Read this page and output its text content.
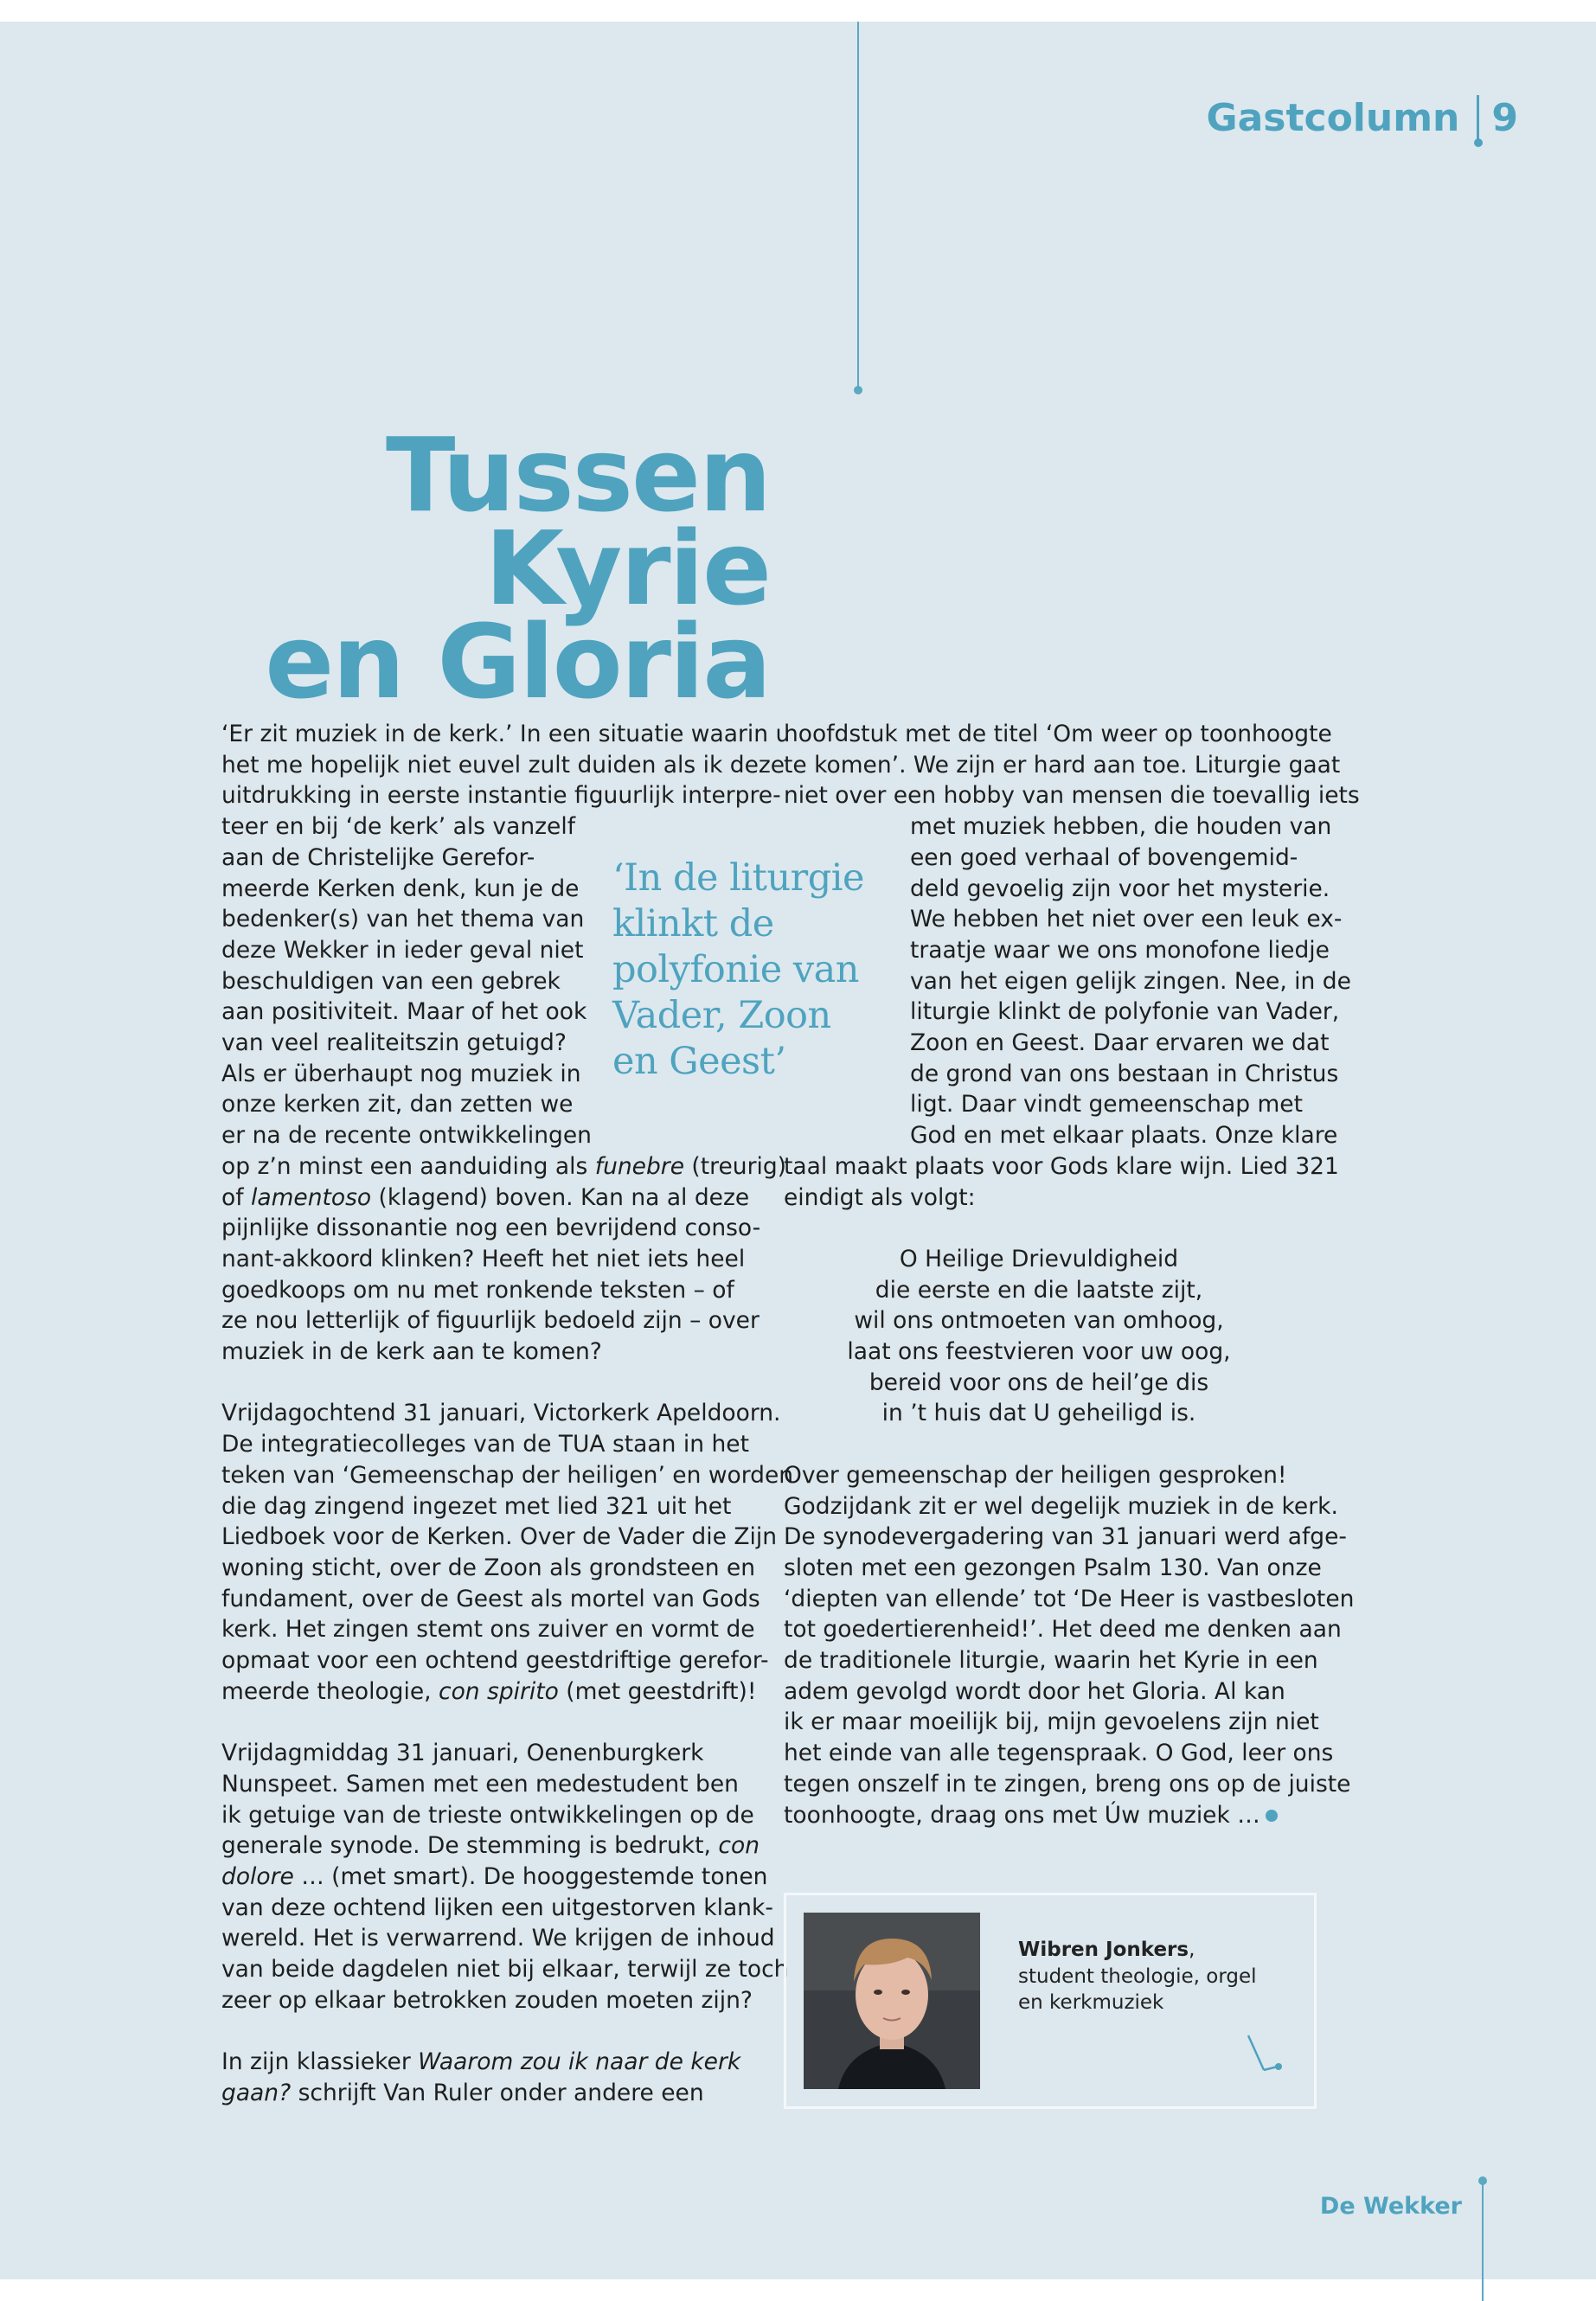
Gastcolumn 9
Tussen Kyrie
en Gloria

‘Er zit muziek in de kerk.’ In een situatie waarin u
het me hopelijk niet euvel zult duiden als ik deze
uitdrukking in eerste instantie figuurlijk interpre-
teer en bij ‘de kerk’ als vanzelf
aan de Christelijke Gerefor-
meerde Kerken denk, kun je de
bedenker(s) van het thema van
deze Wekker in ieder geval niet
beschuldigen van een gebrek
aan positiviteit. Maar of het ook
van veel realiteitszin getuigd?
Als er überhaupt nog muziek in
onze kerken zit, dan zetten we
er na de recente ontwikkelingen
op z’n minst een aanduiding als funebre (treurig)
of lamentoso (klagend) boven. Kan na al deze
pijnlijke dissonantie nog een bevrijdend conso-
nant-akkoord klinken? Heeft het niet iets heel
goedkoops om nu met ronkende teksten – of
ze nou letterlijk of figuurlijk bedoeld zijn – over
muziek in de kerk aan te komen?

Vrijdagochtend 31 januari, Victorkerk Apeldoorn.
De integratiecolleges van de TUA staan in het
teken van ‘Gemeenschap der heiligen’ en worden
die dag zingend ingezet met lied 321 uit het
Liedboek voor de Kerken. Over de Vader die Zijn
woning sticht, over de Zoon als grondsteen en
fundament, over de Geest als mortel van Gods
kerk. Het zingen stemt ons zuiver en vormt de
opmaat voor een ochtend geestdriftige gerefor-
meerde theologie, con spirito (met geestdrift)!

Vrijdagmiddag 31 januari, Oenenburgkerk
Nunspeet. Samen met een medestudent ben
ik getuige van de trieste ontwikkelingen op de
generale synode. De stemming is bedrukt, con
dolore … (met smart). De hooggestemde tonen
van deze ochtend lijken een uitgestorven klank-
wereld. Het is verwarrend. We krijgen de inhoud
van beide dagdelen niet bij elkaar, terwijl ze toch
zeer op elkaar betrokken zouden moeten zijn?

In zijn klassieker Waarom zou ik naar de kerk
gaan? schrijft Van Ruler onder andere een

‘In de liturgie
klinkt de
polyfonie van
Vader, Zoon
en Geest’

hoofdstuk met de titel ‘Om weer op toonhoogte
te komen’. We zijn er hard aan toe. Liturgie gaat
niet over een hobby van mensen die toevallig iets

met muziek hebben, die houden van
een goed verhaal of bovengemid-
deld gevoelig zijn voor het mysterie.
We hebben het niet over een leuk ex-
traatje waar we ons monofone liedje
van het eigen gelijk zingen. Nee, in de
liturgie klinkt de polyfonie van Vader,
Zoon en Geest. Daar ervaren we dat
de grond van ons bestaan in Christus
ligt. Daar vindt gemeenschap met
God en met elkaar plaats. Onze klare

taal maakt plaats voor Gods klare wijn. Lied 321
eindigt als volgt:

O Heilige Drievuldigheid
die eerste en die laatste zijt,
wil ons ontmoeten van omhoog,
laat ons feestvieren voor uw oog,
bereid voor ons de heil’ge dis
in ’t huis dat U geheiligd is.

Over gemeenschap der heiligen gesproken!
Godzijdank zit er wel degelijk muziek in de kerk.
De synodevergadering van 31 januari werd afge-
sloten met een gezongen Psalm 130. Van onze
‘diepten van ellende’ tot ‘De Heer is vastbesloten
tot goedertierenheid!’. Het deed me denken aan
de traditionele liturgie, waarin het Kyrie in een
adem gevolgd wordt door het Gloria. Al kan
ik er maar moeilijk bij, mijn gevoelens zijn niet
het einde van alle tegenspraak. O God, leer ons
tegen onszelf in te zingen, breng ons op de juiste
toonhoogte, draag ons met Úw muziek …

Wibren Jonkers,
student theologie, orgel
en kerkmuziek
De Wekker
